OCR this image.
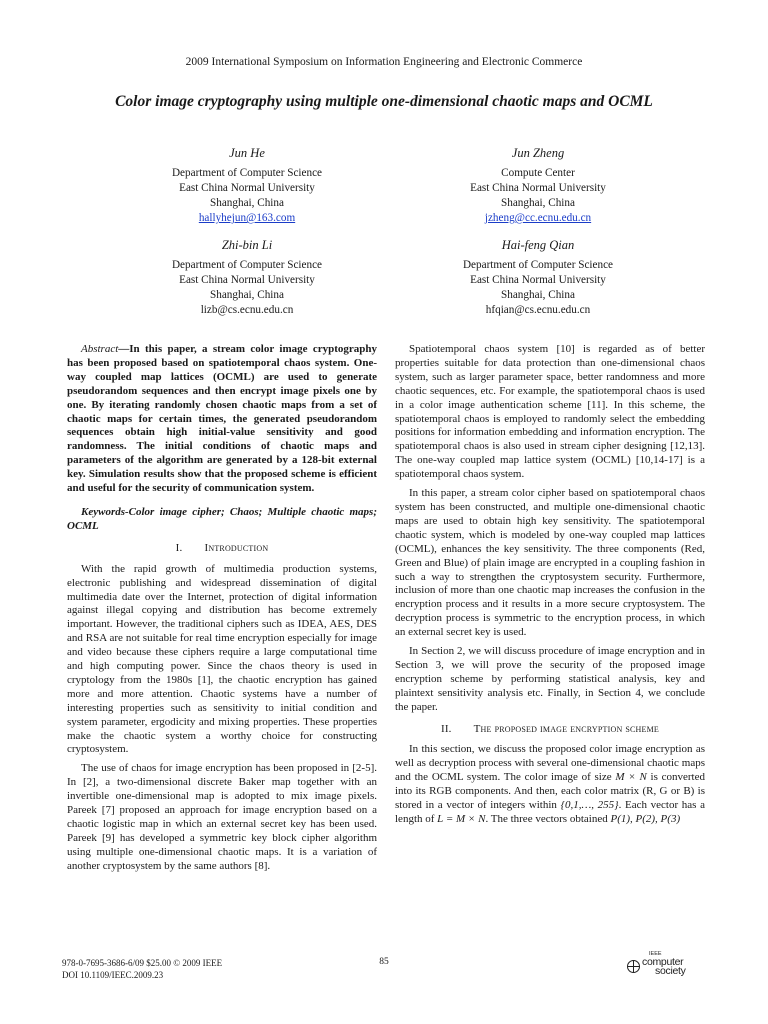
2009 International Symposium on Information Engineering and Electronic Commerce
Color image cryptography using multiple one-dimensional chaotic maps and OCML
Jun He
Department of Computer Science
East China Normal University
Shanghai, China
hallyhejun@163.com
Jun Zheng
Compute Center
East China Normal University
Shanghai, China
jzheng@cc.ecnu.edu.cn
Zhi-bin Li
Department of Computer Science
East China Normal University
Shanghai, China
lizb@cs.ecnu.edu.cn
Hai-feng Qian
Department of Computer Science
East China Normal University
Shanghai, China
hfqian@cs.ecnu.edu.cn

Abstract—In this paper, a stream color image cryptography has been proposed based on spatiotemporal chaos system. One-way coupled map lattices (OCML) are used to generate pseudorandom sequences and then encrypt image pixels one by one. By iterating randomly chosen chaotic maps from a set of chaotic maps for certain times, the generated pseudorandom sequences obtain high initial-value sensitivity and good randomness. The initial conditions of chaotic maps and parameters of the algorithm are generated by a 128-bit external key. Simulation results show that the proposed scheme is efficient and useful for the security of communication system.

Keywords-Color image cipher; Chaos; Multiple chaotic maps; OCML

I. Introduction

With the rapid growth of multimedia production systems, electronic publishing and widespread dissemination of digital multimedia date over the Internet, protection of digital information against illegal copying and distribution has become extremely important. However, the traditional ciphers such as IDEA, AES, DES and RSA are not suitable for real time encryption especially for image and video because these ciphers require a large computational time and high computing power. Since the chaos theory is used in cryptology from the 1980s [1], the chaotic encryption has gained more and more attention. Chaotic systems have a number of interesting properties such as sensitivity to initial condition and system parameter, ergodicity and mixing properties. These properties make the chaotic system a worthy choice for constructing cryptosystem.

The use of chaos for image encryption has been proposed in [2-5]. In [2], a two-dimensional discrete Baker map together with an invertible one-dimensional map is adopted to mix image pixels. Pareek [7] proposed an approach for image encryption based on a chaotic logistic map in which an external secret key has been used. Pareek [9] has developed a symmetric key block cipher algorithm using multiple one-dimensional chaotic maps. It is a variation of another cryptosystem by the same authors [8].

Spatiotemporal chaos system [10] is regarded as of better properties suitable for data protection than one-dimensional chaos system, such as larger parameter space, better randomness and more chaotic sequences, etc. For example, the spatiotemporal chaos is used in a color image authentication scheme [11]. In this scheme, the spatiotemporal chaos is employed to randomly select the embedding positions for information embedding and information encryption. The spatiotemporal chaos is also used in stream cipher designing [12,13]. The one-way coupled map lattice system (OCML) [10,14-17] is a spatiotemporal chaos system.

In this paper, a stream color cipher based on spatiotemporal chaos system has been constructed, and multiple one-dimensional chaotic maps are used to obtain high key sensitivity. The spatiotemporal chaotic system, which is modeled by one-way coupled map lattices (OCML), enhances the key sensitivity. The three components (Red, Green and Blue) of plain image are encrypted in a coupling fashion in such a way to strengthen the cryptosystem security. Furthermore, inclusion of more than one chaotic map increases the confusion in the encryption process and it results in a more secure cryptosystem. The decryption process is symmetric to the encryption process, in which an external secret key is used.

In Section 2, we will discuss procedure of image encryption and in Section 3, we will prove the security of the proposed image encryption scheme by performing statistical analysis, key and plaintext sensitivity analysis etc. Finally, in Section 4, we conclude the paper.

II. The proposed image encryption scheme

In this section, we discuss the proposed color image encryption as well as decryption process with several one-dimensional chaotic maps and the OCML system. The color image of size M × N is converted into its RGB components. And then, each color matrix (R, G or B) is stored in a vector of integers within {0,1,…, 255}. Each vector has a length of L = M × N. The three vectors obtained P(1), P(2), P(3)

978-0-7695-3686-6/09 $25.00 © 2009 IEEE
DOI 10.1109/IEEC.2009.23
85
IEEE
computer
society
